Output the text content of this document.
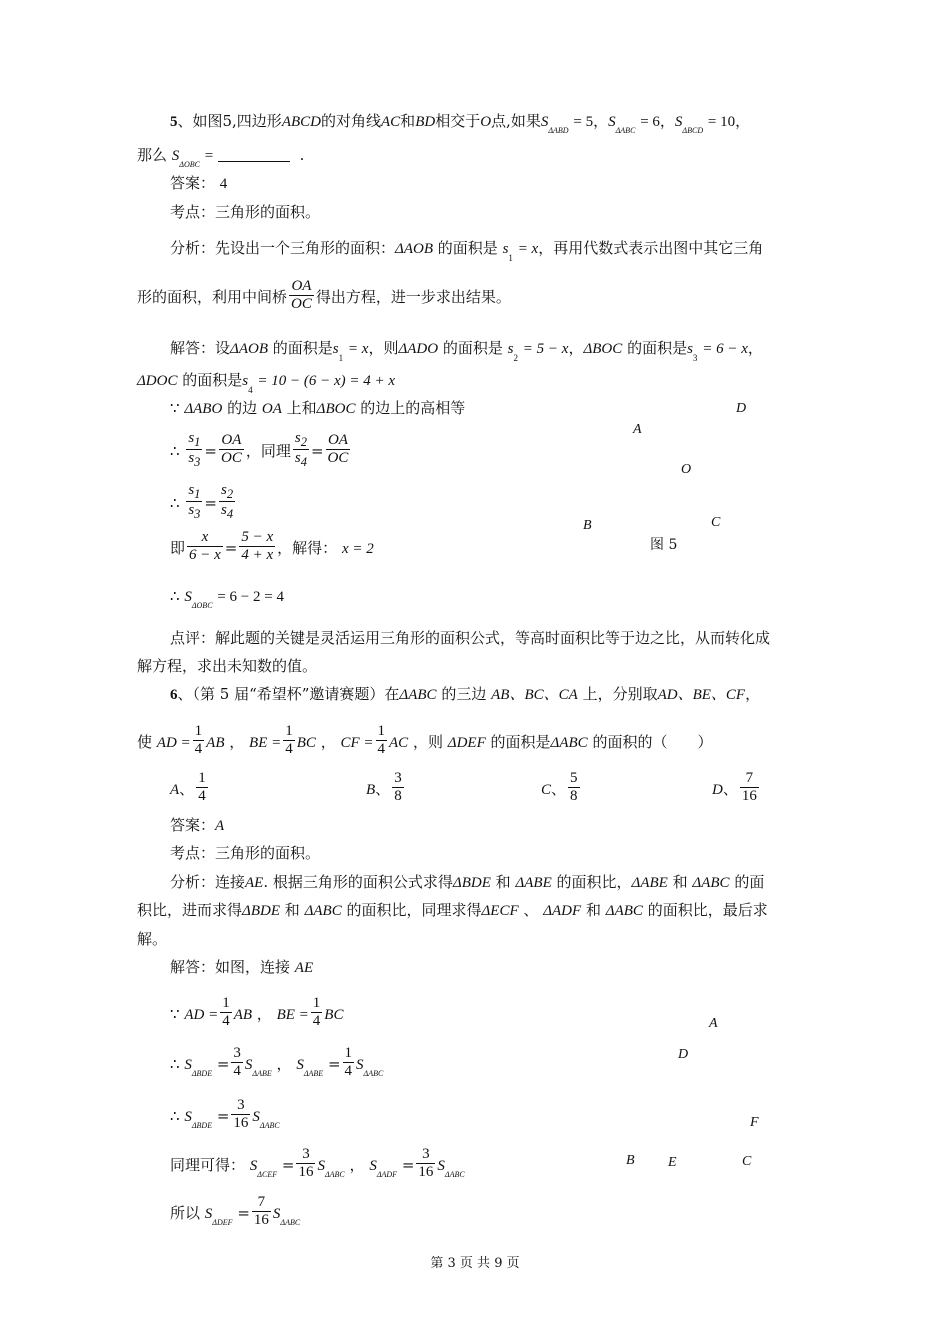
5、如图5,四边形ABCD的对角线AC和BD相交于O点,如果$S_{\Delta ABD} = 5$，$S_{\Delta ABC} = 6$，$S_{\Delta BCD} = 10$，
那么 $S_{\Delta OBC}$ =	.
答案： 4
考点：三角形的面积。
分析：先设出一个三角形的面积：ΔAOB 的面积是 $s_1 = x$，再用代数式表示出图中其它三角
形的面积，利用中间桥 $\frac{OA}{OC}$ 得出方程，进一步求出结果。
解答：设ΔAOB 的面积是$s_1 = x$，则ΔADO 的面积是 $s_2 = 5 - x$，ΔBOC 的面积是$s_3 = 6 - x$，
ΔDOC 的面积是$s_4 = 10 - (6 - x) = 4 + x$
∵ ΔABO 的边 OA 上和ΔBOC 的边上的高相等
∴ $\frac{s_1}{s_3} = \frac{OA}{OC}$ ，同理 $\frac{s_2}{s_4} = \frac{OA}{OC}$
∴ $\frac{s_1}{s_3} = \frac{s_2}{s_4}$
即 $\frac{x}{6 - x} = \frac{5 - x}{4 + x}$ ，解得： x = 2
∴ $S_{\Delta OBC} = 6 - 2 = 4$
点评：解此题的关键是灵活运用三角形的面积公式，等高时面积比等于边之比，从而转化成
解方程，求出未知数的值。
D
A
O
B	C
图 5
6、（第 5 届“希望杯”邀请赛题）在ΔABC 的三边 AB、BC、CA 上，分别取AD、BE、CF，
使 AD = $\frac{1}{4}$ AB ， BE = $\frac{1}{4}$ BC ， CF = $\frac{1}{4}$ AC ，则 ΔDEF 的面积是ΔABC 的面积的（　　）
A、 $\frac{1}{4}$	B、 $\frac{3}{8}$	C、 $\frac{5}{8}$	D、 $\frac{7}{16}$
答案：A
考点：三角形的面积。
分析：连接AE. 根据三角形的面积公式求得ΔBDE 和 ΔABE 的面积比，ΔABE 和 ΔABC 的面
积比，进而求得ΔBDE 和 ΔABC 的面积比，同理求得ΔECF 、 ΔADF 和 ΔABC 的面积比，最后求
解。
解答：如图，连接 AE
∵ AD = $\frac{1}{4}$ AB ， BE = $\frac{1}{4}$ BC
∴ $S_{\Delta BDE} = \frac{3}{4} S_{\Delta ABE}$ ， $S_{\Delta ABE} = \frac{1}{4} S_{\Delta ABC}$
∴ $S_{\Delta BDE} = \frac{3}{16} S_{\Delta ABC}$
同理可得： $S_{\Delta CEF} = \frac{3}{16} S_{\Delta ABC}$ ， $S_{\Delta ADF} = \frac{3}{16} S_{\Delta ABC}$
所以 $S_{\Delta DEF} = \frac{7}{16} S_{\Delta ABC}$
A
D
F
B E	C
第 3 页 共 9 页
